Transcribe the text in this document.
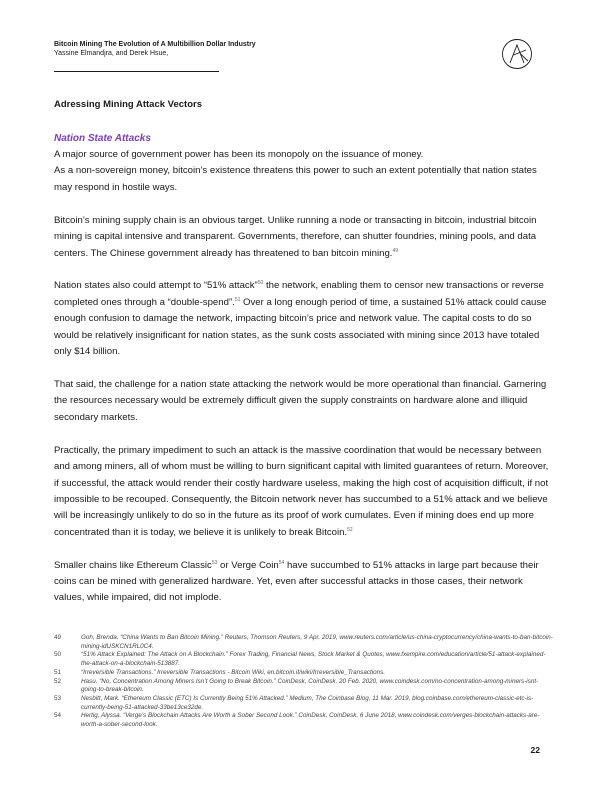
Bitcoin Mining The Evolution of A Multibillion Dollar Industry

Yassine Elmandjra, and Derek Hsue,

Adressing Mining Attack Vectors
Nation State Attacks

A major source of government power has been its monopoly on the issuance of money.

As a non-sovereign money, bitcoin’s existence threatens this power to such an extent potentially that nation states may respond in hostile ways.

Bitcoin’s mining supply chain is an obvious target. Unlike running a node or transacting in bitcoin, industrial bitcoin mining is capital intensive and transparent. Governments, therefore, can shutter foundries, mining pools, and data centers. The Chinese government already has threatened to ban bitcoin mining.$^{49}$

Nation states also could attempt to “51% attack”$^{50}$ the network, enabling them to censor new transactions or reverse completed ones through a “double-spend”.$^{51}$ Over a long enough period of time, a sustained 51% attack could cause enough confusion to damage the network, impacting bitcoin’s price and network value. The capital costs to do so would be relatively insignificant for nation states, as the sunk costs associated with mining since 2013 have totaled only $14 billion.

That said, the challenge for a nation state attacking the network would be more operational than financial. Garnering the resources necessary would be extremely difficult given the supply constraints on hardware alone and illiquid secondary markets.

Practically, the primary impediment to such an attack is the massive coordination that would be necessary between and among miners, all of whom must be willing to burn significant capital with limited guarantees of return. Moreover, if successful, the attack would render their costly hardware useless, making the high cost of acquisition difficult, if not impossible to be recouped. Consequently, the Bitcoin network never has succumbed to a 51% attack and we believe will be increasingly unlikely to do so in the future as its proof of work cumulates. Even if mining does end up more concentrated than it is today, we believe it is unlikely to break Bitcoin.$^{52}$

Smaller chains like Ethereum Classic$^{53}$ or Verge Coin$^{54}$ have succumbed to 51% attacks in large part because their coins can be mined with generalized hardware. Yet, even after successful attacks in those cases, their network values, while impaired, did not implode.

49	Goh, Brenda. “China Wants to Ban Bitcoin Mining.” Reuters, Thomson Reuters, 9 Apr. 2019, www.reuters.com/article/us-china-cryptocurrency/china-wants-to-ban-bitcoin-mining-idUSKCN1RL0C4.
50	“51% Attack Explained: The Attack on A Blockchain.” Forex Trading, Financial News, Stock Market & Quotes, www.fxempire.com/education/article/51-attack-explained-the-attack-on-a-blockchain-513887.
51	“Irreversible Transactions.” Irreversible Transactions - Bitcoin Wiki, en.bitcoin.it/wiki/Irreversible_Transactions.
52	Hasu. “No, Concentration Among Miners Isn’t Going to Break Bitcoin.” CoinDesk, CoinDesk, 20 Feb. 2020, www.coindesk.com/no-concentration-among-miners-isnt-going-to-break-bitcoin.
53	Nesbitt, Mark. “Ethereum Classic (ETC) Is Currently Being 51% Attacked.” Medium, The Coinbase Blog, 11 Mar. 2019, blog.coinbase.com/ethereum-classic-etc-is-currently-being-51-attacked-33be13ce32de.
54	Hertig, Alyssa. “Verge’s Blockchain Attacks Are Worth a Sober Second Look.” CoinDesk, CoinDesk, 6 June 2018, www.coindesk.com/verges-blockchain-attacks-are-worth-a-sober-second-look.
22
